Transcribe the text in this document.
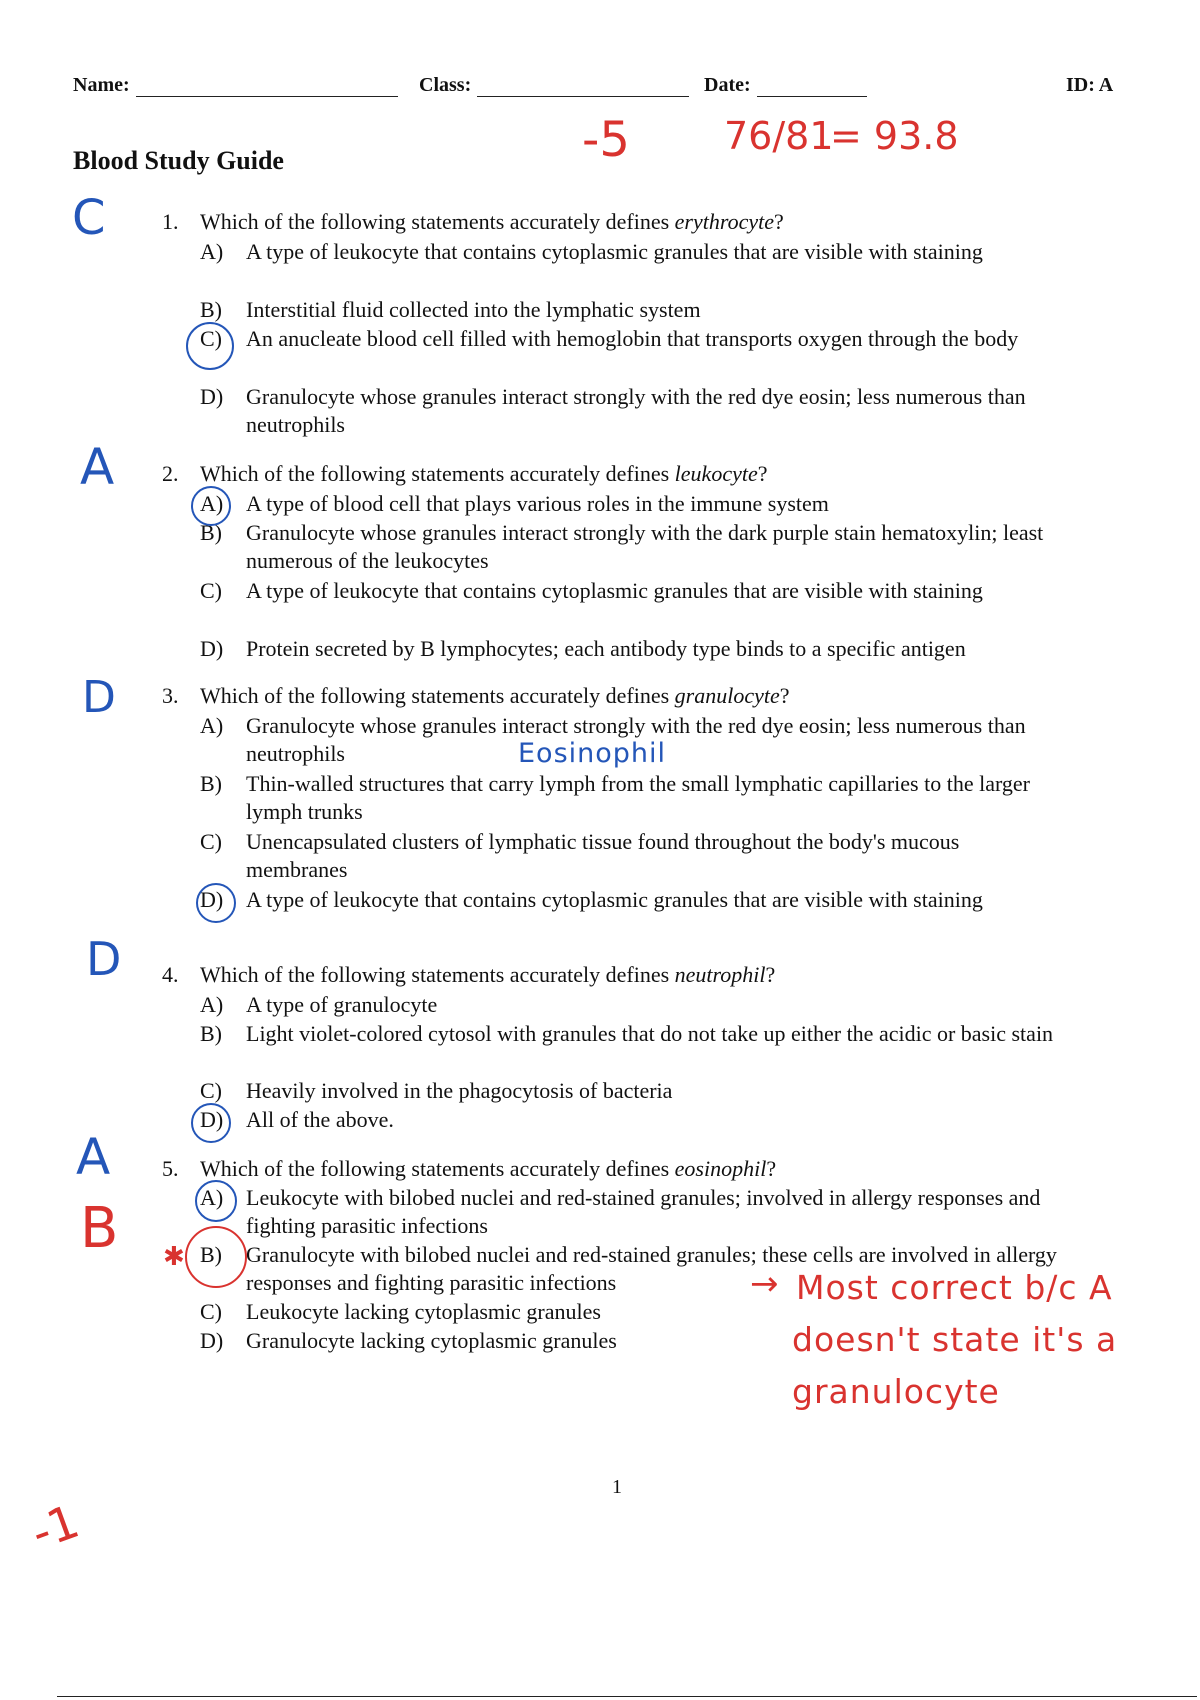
Name:	Class:	Date:	ID: A
Blood Study Guide	-5 76/81
= 93.8
C	1. Which of the following statements accurately defines erythrocyte?
A) A type of leukocyte that contains cytoplasmic granules that are visible with staining
B) Interstitial fluid collected into the lymphatic system
C) An anucleate blood cell filled with hemoglobin that transports oxygen through the body
D) Granulocyte whose granules interact strongly with the red dye eosin; less numerous than neutrophils
A 2. Which of the following statements accurately defines leukocyte?
A) A type of blood cell that plays various roles in the immune system
B) Granulocyte whose granules interact strongly with the dark purple stain hematoxylin; least numerous of the leukocytes
C) A type of leukocyte that contains cytoplasmic granules that are visible with staining
D) Protein secreted by B lymphocytes; each antibody type binds to a specific antigen
D 3. Which of the following statements accurately defines granulocyte?
A) Granulocyte whose granules interact strongly with the red dye eosin; less numerous than neutrophils	Eosinophil
B) Thin-walled structures that carry lymph from the small lymphatic capillaries to the larger lymph trunks
C) Unencapsulated clusters of lymphatic tissue found throughout the body's mucous membranes
D) A type of leukocyte that contains cytoplasmic granules that are visible with staining
D 4. Which of the following statements accurately defines neutrophil?
A) A type of granulocyte
B) Light violet-colored cytosol with granules that do not take up either the acidic or basic stain
C) Heavily involved in the phagocytosis of bacteria
D) All of the above.
A
B
5. Which of the following statements accurately defines eosinophil?
A) Leukocyte with bilobed nuclei and red-stained granules; involved in allergy responses and fighting parasitic infections
B) Granulocyte with bilobed nuclei and red-stained granules; these cells are involved in allergy responses and fighting parasitic infections
C) Leukocyte lacking cytoplasmic granules
D) Granulocyte lacking cytoplasmic granules
✱
→ Most correct b/c A
doesn't state it's a
granulocyte
-1
1
